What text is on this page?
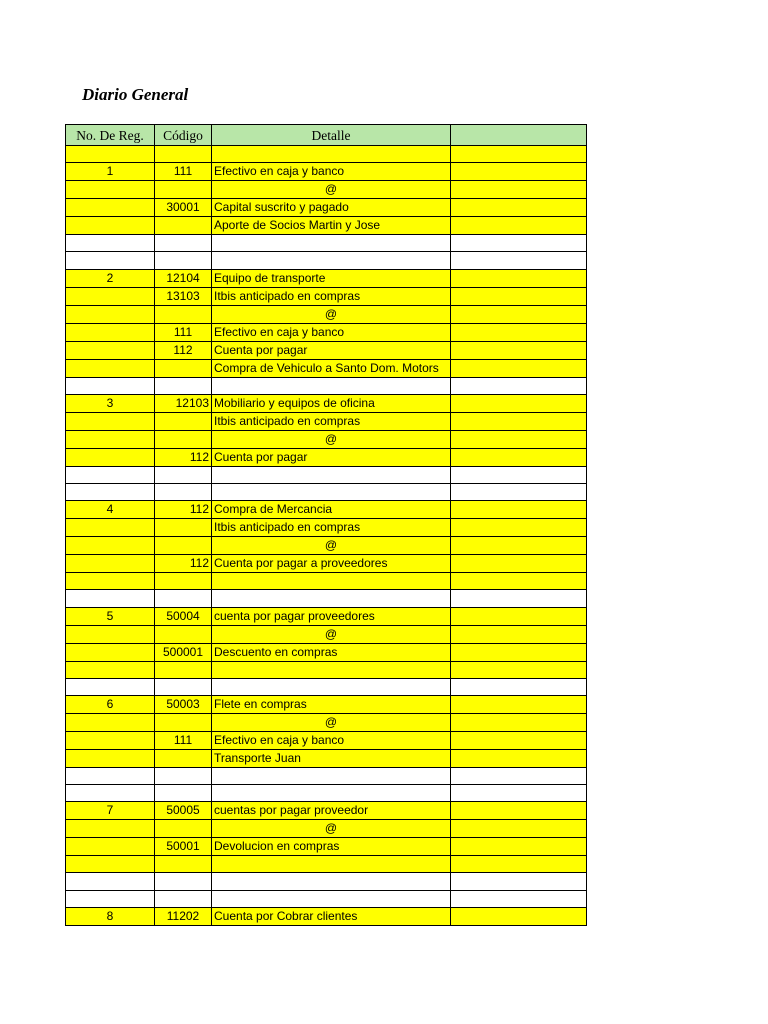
Diario General
No. De Reg.	Código	Detalle	

1	111	Efectivo en caja y banco	
		@	
	30001	Capital suscrito y pagado	
		Aporte de Socios Martin y Jose	

2	12104	Equipo de transporte	
	13103	Itbis anticipado en compras	
		@	
	111	Efectivo en caja y banco	
	112	Cuenta por pagar	
		Compra de Vehiculo a Santo Dom. Motors	

3	12103	Mobiliario y equipos de oficina	
		Itbis anticipado en compras	
		@	
	112	Cuenta por pagar	

4	112	Compra de Mercancia	
		Itbis anticipado en compras	
		@	
	112	Cuenta por pagar a proveedores	

5	50004	cuenta por pagar proveedores	
		@	
	500001	Descuento en compras	

6	50003	Flete en compras	
		@	
	111	Efectivo en caja y banco	
		Transporte Juan	

7	50005	cuentas por pagar proveedor	
		@	
	50001	Devolucion en compras	

8	11202	Cuenta por Cobrar clientes	
